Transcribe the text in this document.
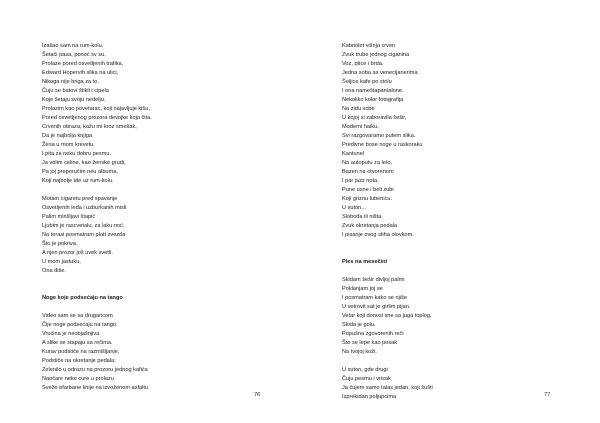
Izašao sam na rum-kolu.
Šetači pasa, ponoć sv su.
Prolaze pored osvetljenih trafika,
Edward Hopervih slika na ulici,
Nikoga nije briga za to.
Čuju se batovi štikli i cipela
Koje šetaju svoju nedelju.
Prolazim kao povetarac, koji najavljuje kišu,
Pored osvetljenog prozora devojke koja čita.
Crvenih obraza, kažu mi kroz smešak,
Da je najbolja knjiga
Žena u mom krevetu
I pita za neku dobru pesmu.
Ja volim celine, kao ženske grudi,
Pa joj preporučim neu albuma,
Koji najbolje ide uz rum-kolu.
Motam cigaretu pred spavanje
Osvetljenih leđa i uzburkanih misli
Palim mirišljavi štapić
Ljubim je rascvetalu, za laku noć.
Na terasi posmatram platt zvezda
Što je pokriva.
A njen prozor još uvek svetli.
U mom jastuku,
Ona diše.
Noge koje podsećaju na tango
Video sam se sa drugaricom
Čije noge podsećaju na tango.
Vrućina je neobjašnjiva
A slike se stapaju sa rečima.
Kurav podstiče na razmišljanje,
Podstiče na okretanje pedala;
Zelenilo u odrazu na prozoru jednog kafića
Naočare neke cure u prolazu
Sveže ofarbane linije na izvoženom asfaltu
76
Kabriolet višnja crven
Zvuk trube jednog ciganina
Voz, ptice i brda.
Jedna soba sa venecijanerima
Šoljice kafe po stolu
I ona nameštapantalone.
Nekoliko kolor fotografija
Na zidu sobe
U kojoj si zaboravila šešir,
Moderni haiku.
Svi razgovaramo putem slika.
Predivne bose noge u raskoraku
Kaotunel
Na autoputu za leto,
Bazen na otvorenom
I par jazz nota.
Pune usne i beli zubi
Koji griznu lubenicu.
U suton...
Sloboda ili ništa.
Zvuk okretanja pedala
I pisanje ovog stiha olovkom.
Ples na mesečini
Skidam šešir divljoj palmi
Poklanjam joj se
I posmatram kako se njiše
U vetrovit sat je girlim pijan.
Vetar koji donosi sne sa juga toplog,
Skida je golu.
Popušna zgovorenih reči
Što se lepe kao pesak
Na tvojoj koži.
U suton, gde drugi
Čuju pesmu i vrisak
Ja čujem samo talas jedan, koji šušti
Isprekidan poljupcima	77
